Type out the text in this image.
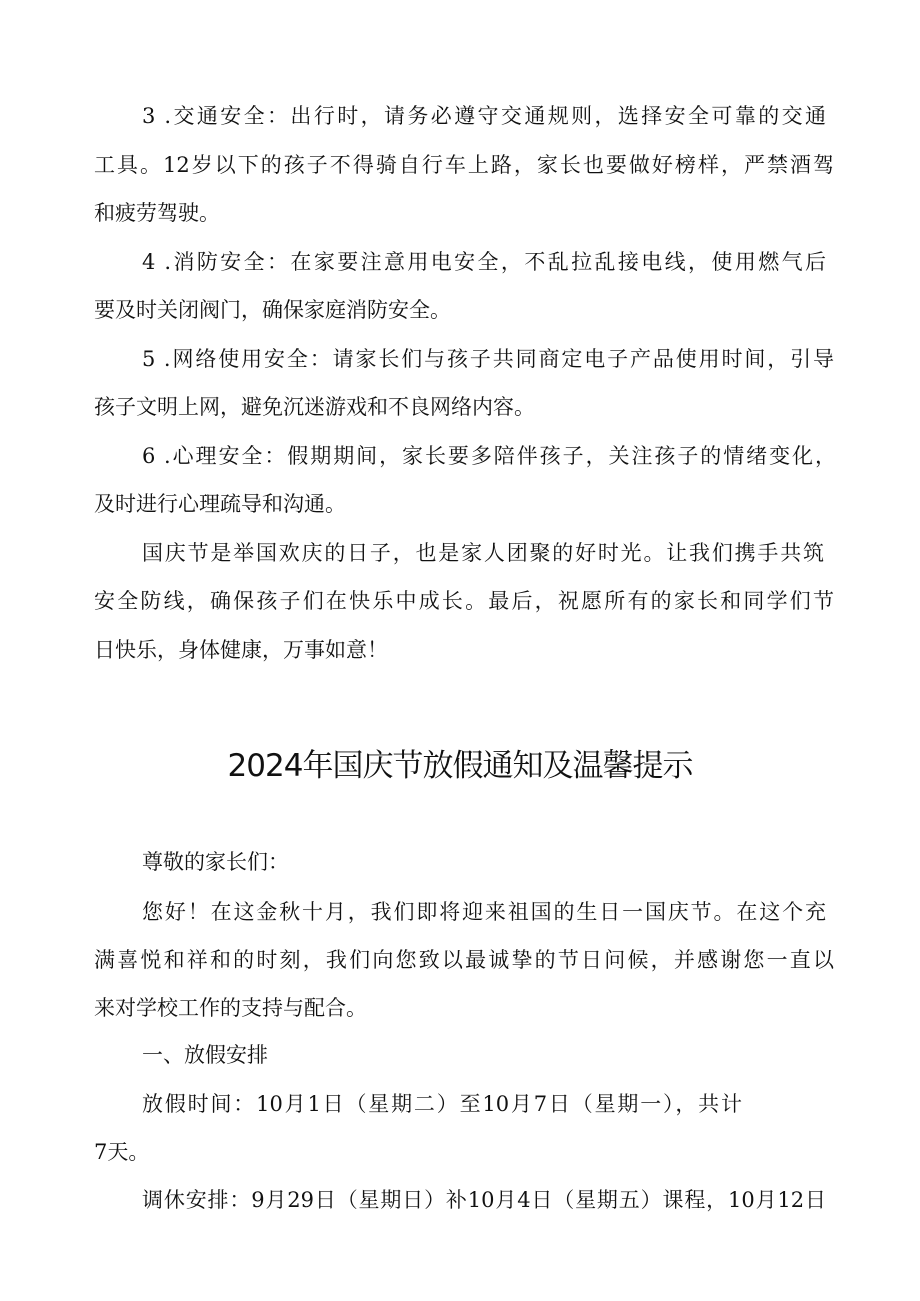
3 .交通安全：出行时，请务必遵守交通规则，选择安全可靠的交通
工具。12岁以下的孩子不得骑自行车上路，家长也要做好榜样，严禁酒驾
和疲劳驾驶。
4 .消防安全：在家要注意用电安全，不乱拉乱接电线，使用燃气后
要及时关闭阀门，确保家庭消防安全。
5 .网络使用安全：请家长们与孩子共同商定电子产品使用时间，引导
孩子文明上网，避免沉迷游戏和不良网络内容。
6 .心理安全：假期期间，家长要多陪伴孩子，关注孩子的情绪变化，
及时进行心理疏导和沟通。
国庆节是举国欢庆的日子，也是家人团聚的好时光。让我们携手共筑
安全防线，确保孩子们在快乐中成长。最后，祝愿所有的家长和同学们节
日快乐，身体健康，万事如意！
2024年国庆节放假通知及温馨提示
尊敬的家长们：
您好！在这金秋十月，我们即将迎来祖国的生日一国庆节。在这个充
满喜悦和祥和的时刻，我们向您致以最诚挚的节日问候，并感谢您一直以
来对学校工作的支持与配合。
一、放假安排
放假时间：10月1日（星期二）至10月7日（星期一），共计
7天。
调休安排：9月29日（星期日）补10月4日（星期五）课程，10月12日
